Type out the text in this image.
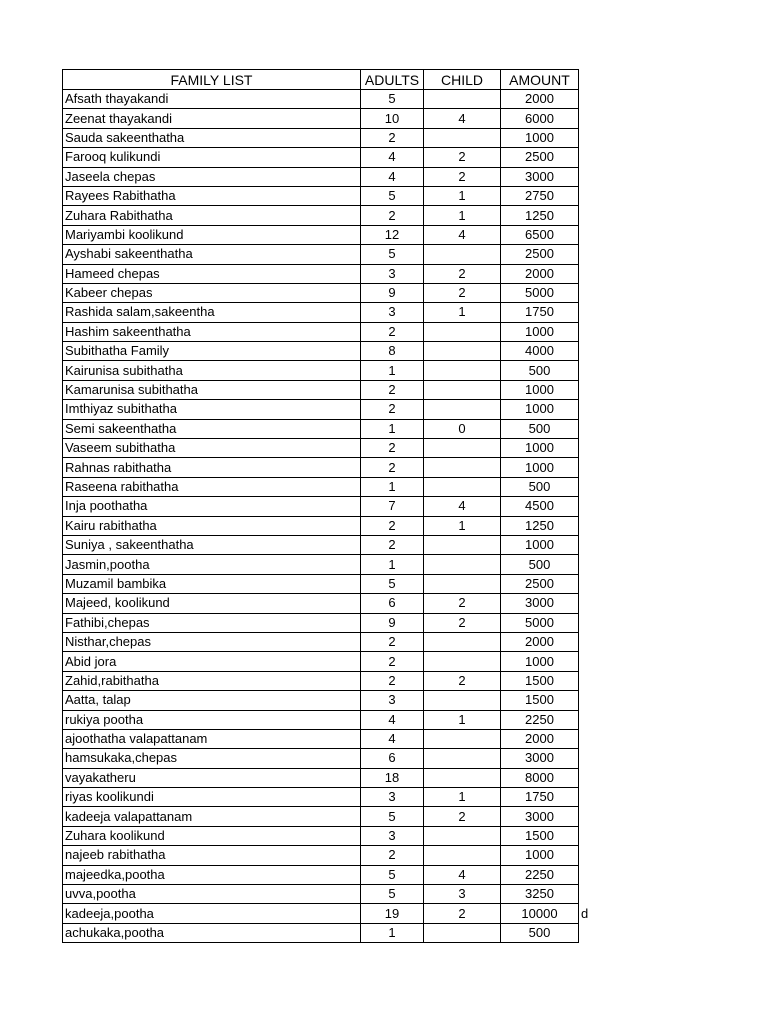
FAMILY LIST	ADULTS	CHILD	AMOUNT
Afsath thayakandi	5		2000
Zeenat thayakandi	10	4	6000
Sauda sakeenthatha	2		1000
Farooq kulikundi	4	2	2500
Jaseela chepas	4	2	3000
Rayees Rabithatha	5	1	2750
Zuhara Rabithatha	2	1	1250
Mariyambi koolikund	12	4	6500
Ayshabi sakeenthatha	5		2500
Hameed chepas	3	2	2000
Kabeer chepas	9	2	5000
Rashida salam,sakeentha	3	1	1750
Hashim sakeenthatha	2		1000
Subithatha Family	8		4000
Kairunisa subithatha	1		500
Kamarunisa subithatha	2		1000
Imthiyaz subithatha	2		1000
Semi sakeenthatha	1	0	500
Vaseem subithatha	2		1000
Rahnas rabithatha	2		1000
Raseena rabithatha	1		500
Inja poothatha	7	4	4500
Kairu rabithatha	2	1	1250
Suniya , sakeenthatha	2		1000
Jasmin,pootha	1		500
Muzamil bambika	5		2500
Majeed, koolikund	6	2	3000
Fathibi,chepas	9	2	5000
Nisthar,chepas	2		2000
Abid jora	2		1000
Zahid,rabithatha	2	2	1500
Aatta, talap	3		1500
rukiya pootha	4	1	2250
ajoothatha valapattanam	4		2000
hamsukaka,chepas	6		3000
vayakatheru	18		8000
riyas koolikundi	3	1	1750
kadeeja valapattanam	5	2	3000
Zuhara koolikund	3		1500
najeeb rabithatha	2		1000
majeedka,pootha	5	4	2250
uvva,pootha	5	3	3250
kadeeja,pootha	19	2	10000
achukaka,pootha	1		500
d
